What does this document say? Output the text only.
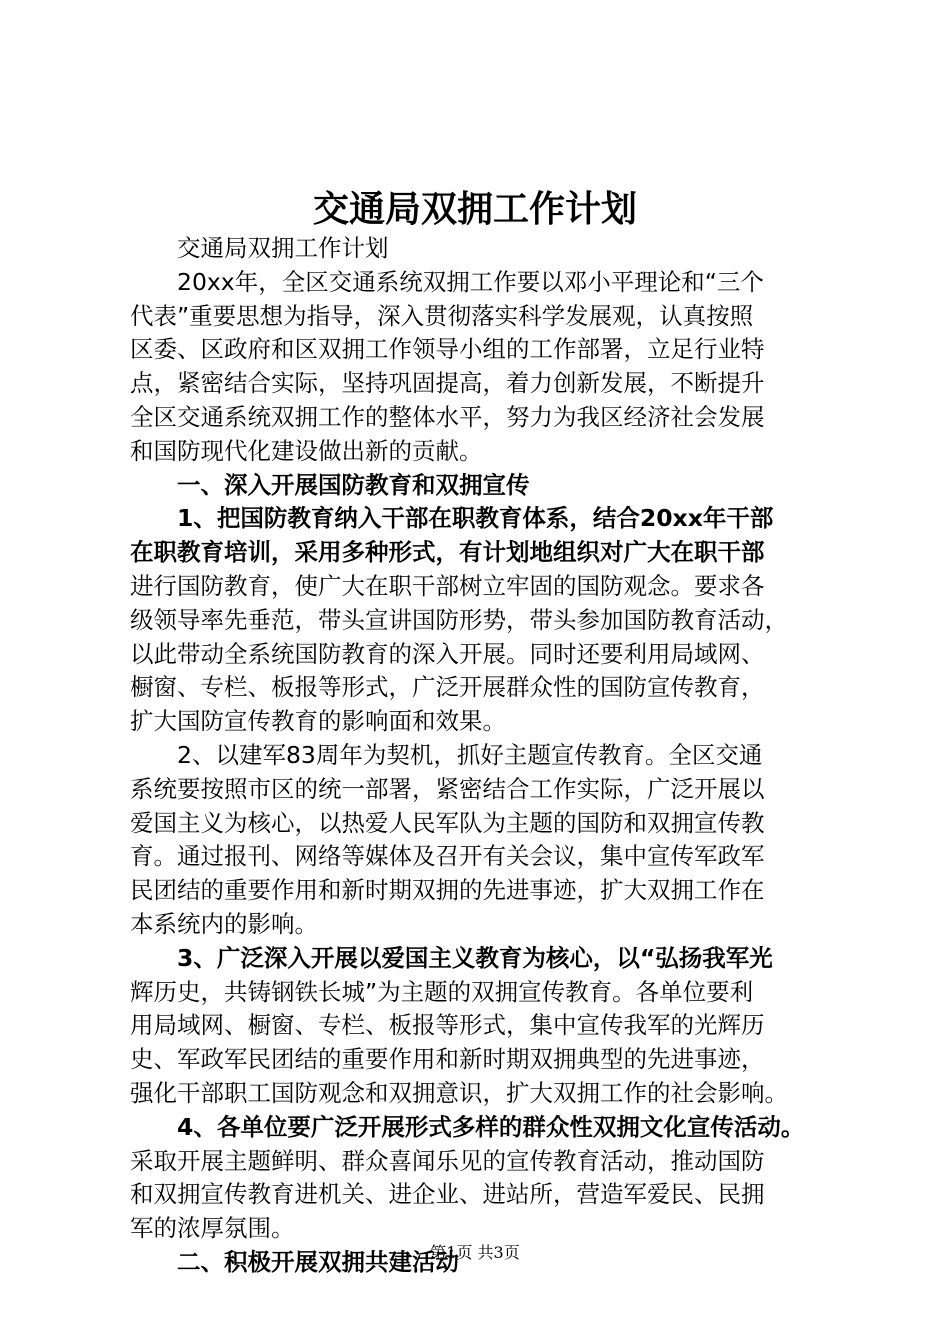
交通局双拥工作计划
交通局双拥工作计划
20xx年，全区交通系统双拥工作要以邓小平理论和“三个
代表”重要思想为指导，深入贯彻落实科学发展观，认真按照
区委、区政府和区双拥工作领导小组的工作部署，立足行业特
点，紧密结合实际，坚持巩固提高，着力创新发展，不断提升
全区交通系统双拥工作的整体水平，努力为我区经济社会发展
和国防现代化建设做出新的贡献。
一、深入开展国防教育和双拥宣传
1、把国防教育纳入干部在职教育体系，结合20xx年干部
在职教育培训，采用多种形式，有计划地组织对广大在职干部
进行国防教育，使广大在职干部树立牢固的国防观念。要求各
级领导率先垂范，带头宣讲国防形势，带头参加国防教育活动，
以此带动全系统国防教育的深入开展。同时还要利用局域网、
橱窗、专栏、板报等形式，广泛开展群众性的国防宣传教育，
扩大国防宣传教育的影响面和效果。
2、以建军83周年为契机，抓好主题宣传教育。全区交通
系统要按照市区的统一部署，紧密结合工作实际，广泛开展以
爱国主义为核心，以热爱人民军队为主题的国防和双拥宣传教
育。通过报刊、网络等媒体及召开有关会议，集中宣传军政军
民团结的重要作用和新时期双拥的先进事迹，扩大双拥工作在
本系统内的影响。
3、广泛深入开展以爱国主义教育为核心，以“弘扬我军光
辉历史，共铸钢铁长城”为主题的双拥宣传教育。各单位要利
用局域网、橱窗、专栏、板报等形式，集中宣传我军的光辉历
史、军政军民团结的重要作用和新时期双拥典型的先进事迹，
强化干部职工国防观念和双拥意识，扩大双拥工作的社会影响。
4、各单位要广泛开展形式多样的群众性双拥文化宣传活动。
采取开展主题鲜明、群众喜闻乐见的宣传教育活动，推动国防
和双拥宣传教育进机关、进企业、进站所，营造军爱民、民拥
军的浓厚氛围。
二、积极开展双拥共建活动
第1页 共3页
